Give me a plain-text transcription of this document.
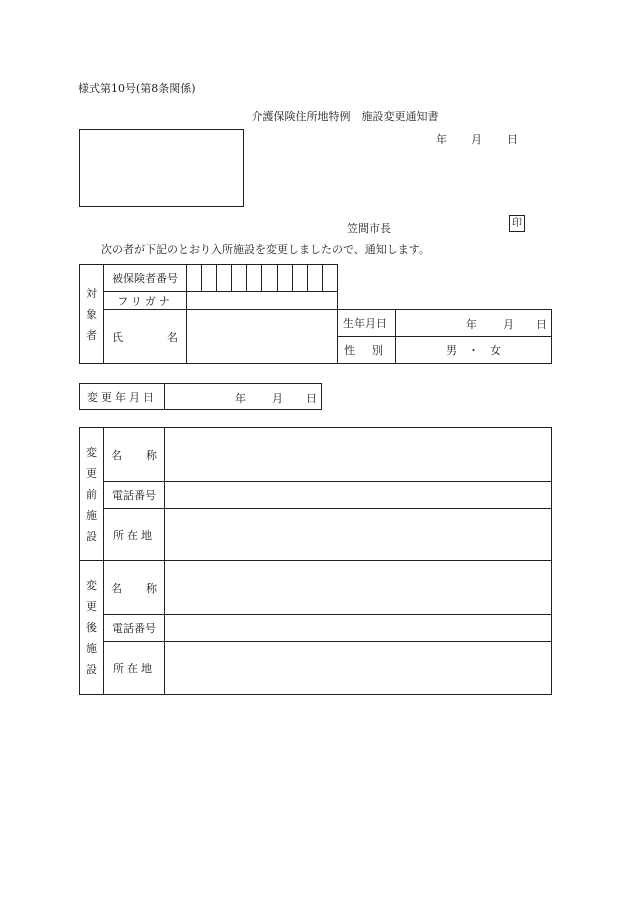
様式第10号(第8条関係)
介護保険住所地特例　施設変更通知書
年 月 日
笠間市長	印
次の者が下記のとおり入所施設を変更しましたので、通知します。
対
象
者	被保険者番号	

	フリガナ	

	氏 名	

生年月日	年 月 日

性 別	男　・　女
変更年月日	年 月 日
変
更
前
施
設	名 称	

	電話番号	
	所在地	
変
更
後
施
設	名 称	

	電話番号	
	所在地	
